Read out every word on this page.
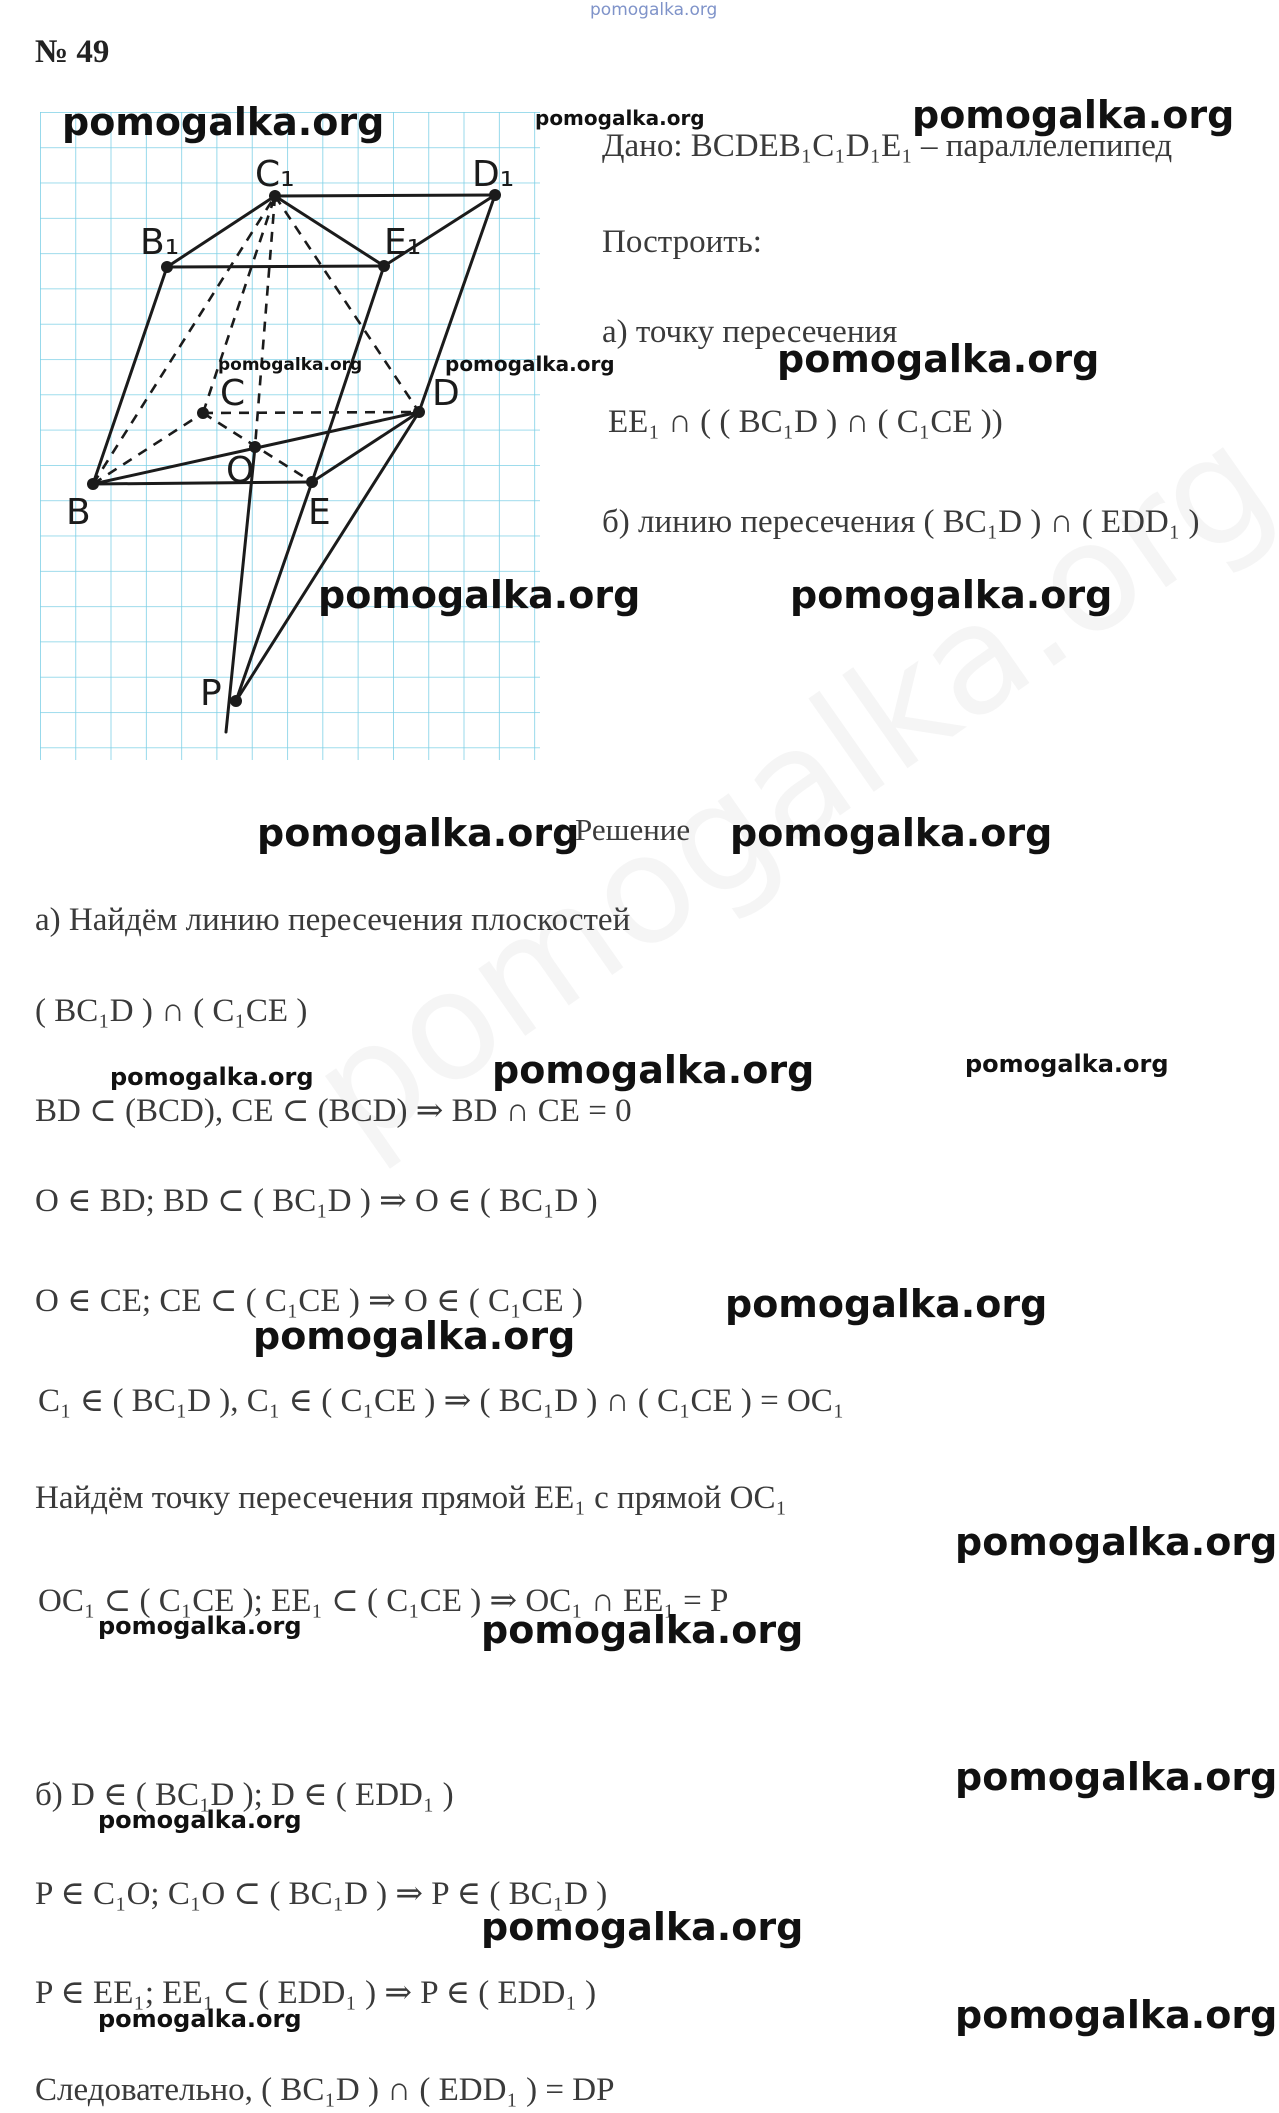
pomogalka.org
№ 49
C₁	D₁
B₁	E₁
C	D
O
B	E
P
Дано: BCDEB₁C₁D₁E₁ – параллелепипед
Построить:
а) точку пересечения
EE₁ ∩ ( ( BC₁D ) ∩ ( C₁CE ))
б) линию пересечения ( BC₁D ) ∩ ( EDD₁ )
Решение
а) Найдём линию пересечения плоскостей
( BC₁D ) ∩ ( C₁CE )
BD ⊂ (BCD), CE ⊂ (BCD) ⇒ BD ∩ CE = 0
O ∈ BD; BD ⊂ ( BC₁D ) ⇒ O ∈ ( BC₁D )
O ∈ CE; CE ⊂ ( C₁CE ) ⇒ O ∈ ( C₁CE )
C₁ ∈ ( BC₁D ), C₁ ∈ ( C₁CE ) ⇒ ( BC₁D ) ∩ ( C₁CE ) = OC₁
Найдём точку пересечения прямой EE₁ с прямой OC₁
OC₁ ⊂ ( C₁CE ); EE₁ ⊂ ( C₁CE ) ⇒ OC₁ ∩ EE₁ = P
б) D ∈ ( BC₁D ); D ∈ ( EDD₁ )
P ∈ C₁O; C₁O ⊂ ( BC₁D ) ⇒ P ∈ ( BC₁D )
P ∈ EE₁; EE₁ ⊂ ( EDD₁ ) ⇒ P ∈ ( EDD₁ )
Следовательно, ( BC₁D ) ∩ ( EDD₁ ) = DP
pomogalka.org	pomogalka.org	pomogalka.org
pomogalka.org	pomogalka.org	pomogalka.org
pomogalka.org	pomogalka.org
pomogalka.org	pomogalka.org
pomogalka.org	pomogalka.org	pomogalka.org
pomogalka.org
pomogalka.org
pomogalka.org
pomogalka.org	pomogalka.org
pomogalka.org
pomogalka.org
pomogalka.org
pomogalka.org	pomogalka.org
